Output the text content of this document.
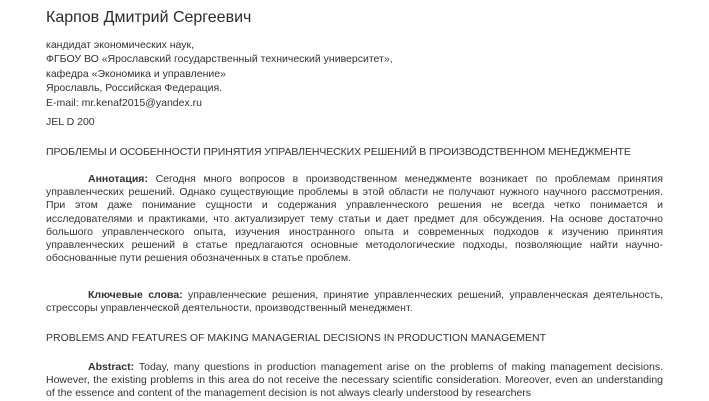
Карпов Дмитрий Сергеевич
кандидат экономических наук,
ФГБОУ ВО «Ярославский государственный технический университет»,
кафедра «Экономика и управление»
Ярославль, Российская Федерация.
E-mail: mr.kenaf2015@yandex.ru
JEL D 200
ПРОБЛЕМЫ И ОСОБЕННОСТИ ПРИНЯТИЯ УПРАВЛЕНЧЕСКИХ РЕШЕНИЙ В ПРОИЗВОДСТВЕННОМ МЕНЕДЖМЕНТЕ
Аннотация: Сегодня много вопросов в производственном менеджменте возникает по проблемам принятия управленческих решений. Однако существующие проблемы в этой области не получают нужного научного рассмотрения. При этом даже понимание сущности и содержания управленческого решения не всегда четко понимается и исследователями и практиками, что актуализирует тему статьи и дает предмет для обсуждения. На основе достаточно большого управленческого опыта, изучения иностранного опыта и современных подходов к изучению принятия управленческих решений в статье предлагаются основные методологические подходы, позволяющие найти научно-обоснованные пути решения обозначенных в статье проблем.
Ключевые слова: управленческие решения, принятие управленческих решений, управленческая деятельность, стрессоры управленческой деятельности, производственный менеджмент.
PROBLEMS AND FEATURES OF MAKING MANAGERIAL DECISIONS IN PRODUCTION MANAGEMENT
Abstract: Today, many questions in production management arise on the problems of making management decisions. However, the existing problems in this area do not receive the necessary scientific consideration. Moreover, even an understanding of the essence and content of the management decision is not always clearly understood by researchers
